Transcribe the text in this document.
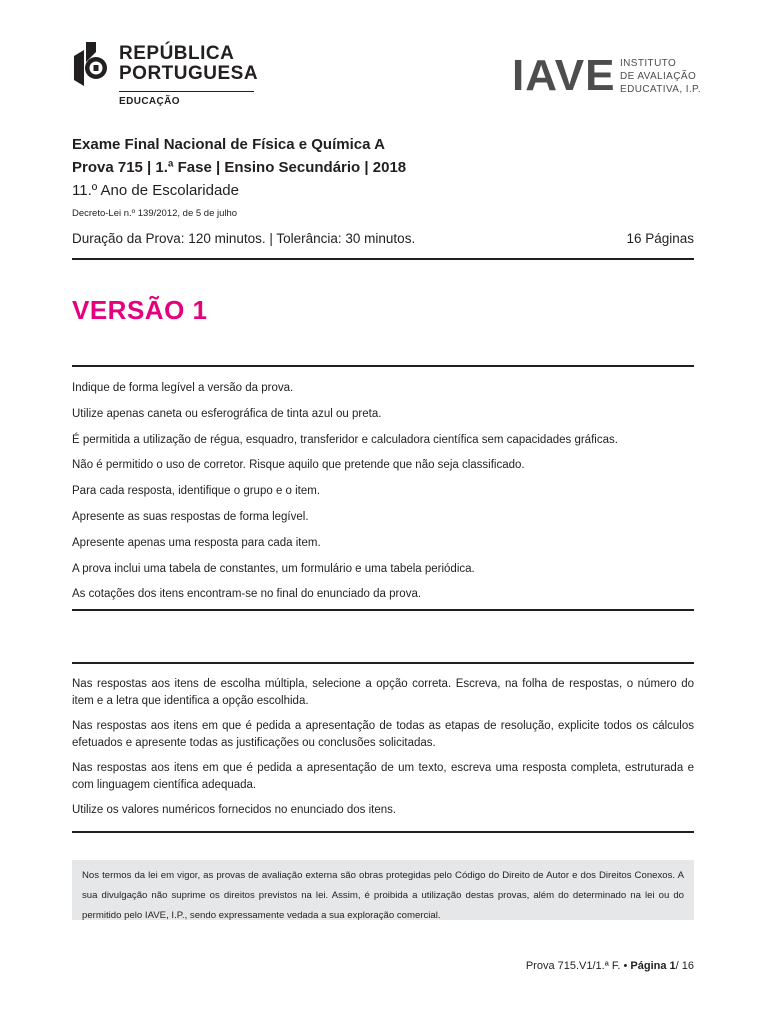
REPÚBLICA
PORTUGUESA
EDUCAÇÃO
IAVE INSTITUTO
DE AVALIAÇÃO
EDUCATIVA, I.P.
Exame Final Nacional de Física e Química A
Prova 715 | 1.ª Fase | Ensino Secundário | 2018
11.º Ano de Escolaridade
Decreto-Lei n.º 139/2012, de 5 de julho
Duração da Prova: 120 minutos. | Tolerância: 30 minutos.	16 Páginas
VERSÃO 1
Indique de forma legível a versão da prova.
Utilize apenas caneta ou esferográfica de tinta azul ou preta.
É permitida a utilização de régua, esquadro, transferidor e calculadora científica sem capacidades gráficas.
Não é permitido o uso de corretor. Risque aquilo que pretende que não seja classificado.
Para cada resposta, identifique o grupo e o item.
Apresente as suas respostas de forma legível.
Apresente apenas uma resposta para cada item.
A prova inclui uma tabela de constantes, um formulário e uma tabela periódica.
As cotações dos itens encontram-se no final do enunciado da prova.

Nas respostas aos itens de escolha múltipla, selecione a opção correta. Escreva, na folha de respostas, o número do item e a letra que identifica a opção escolhida.

Nas respostas aos itens em que é pedida a apresentação de todas as etapas de resolução, explicite todos os cálculos efetuados e apresente todas as justificações ou conclusões solicitadas.

Nas respostas aos itens em que é pedida a apresentação de um texto, escreva uma resposta completa, estruturada e com linguagem científica adequada.

Utilize os valores numéricos fornecidos no enunciado dos itens.

Nos termos da lei em vigor, as provas de avaliação externa são obras protegidas pelo Código do Direito de Autor e dos Direitos Conexos. A sua divulgação não suprime os direitos previstos na lei. Assim, é proibida a utilização destas provas, além do determinado na lei ou do permitido pelo IAVE, I.P., sendo expressamente vedada a sua exploração comercial.

Prova 715.V1/1.ª F. • Página 1/ 16
